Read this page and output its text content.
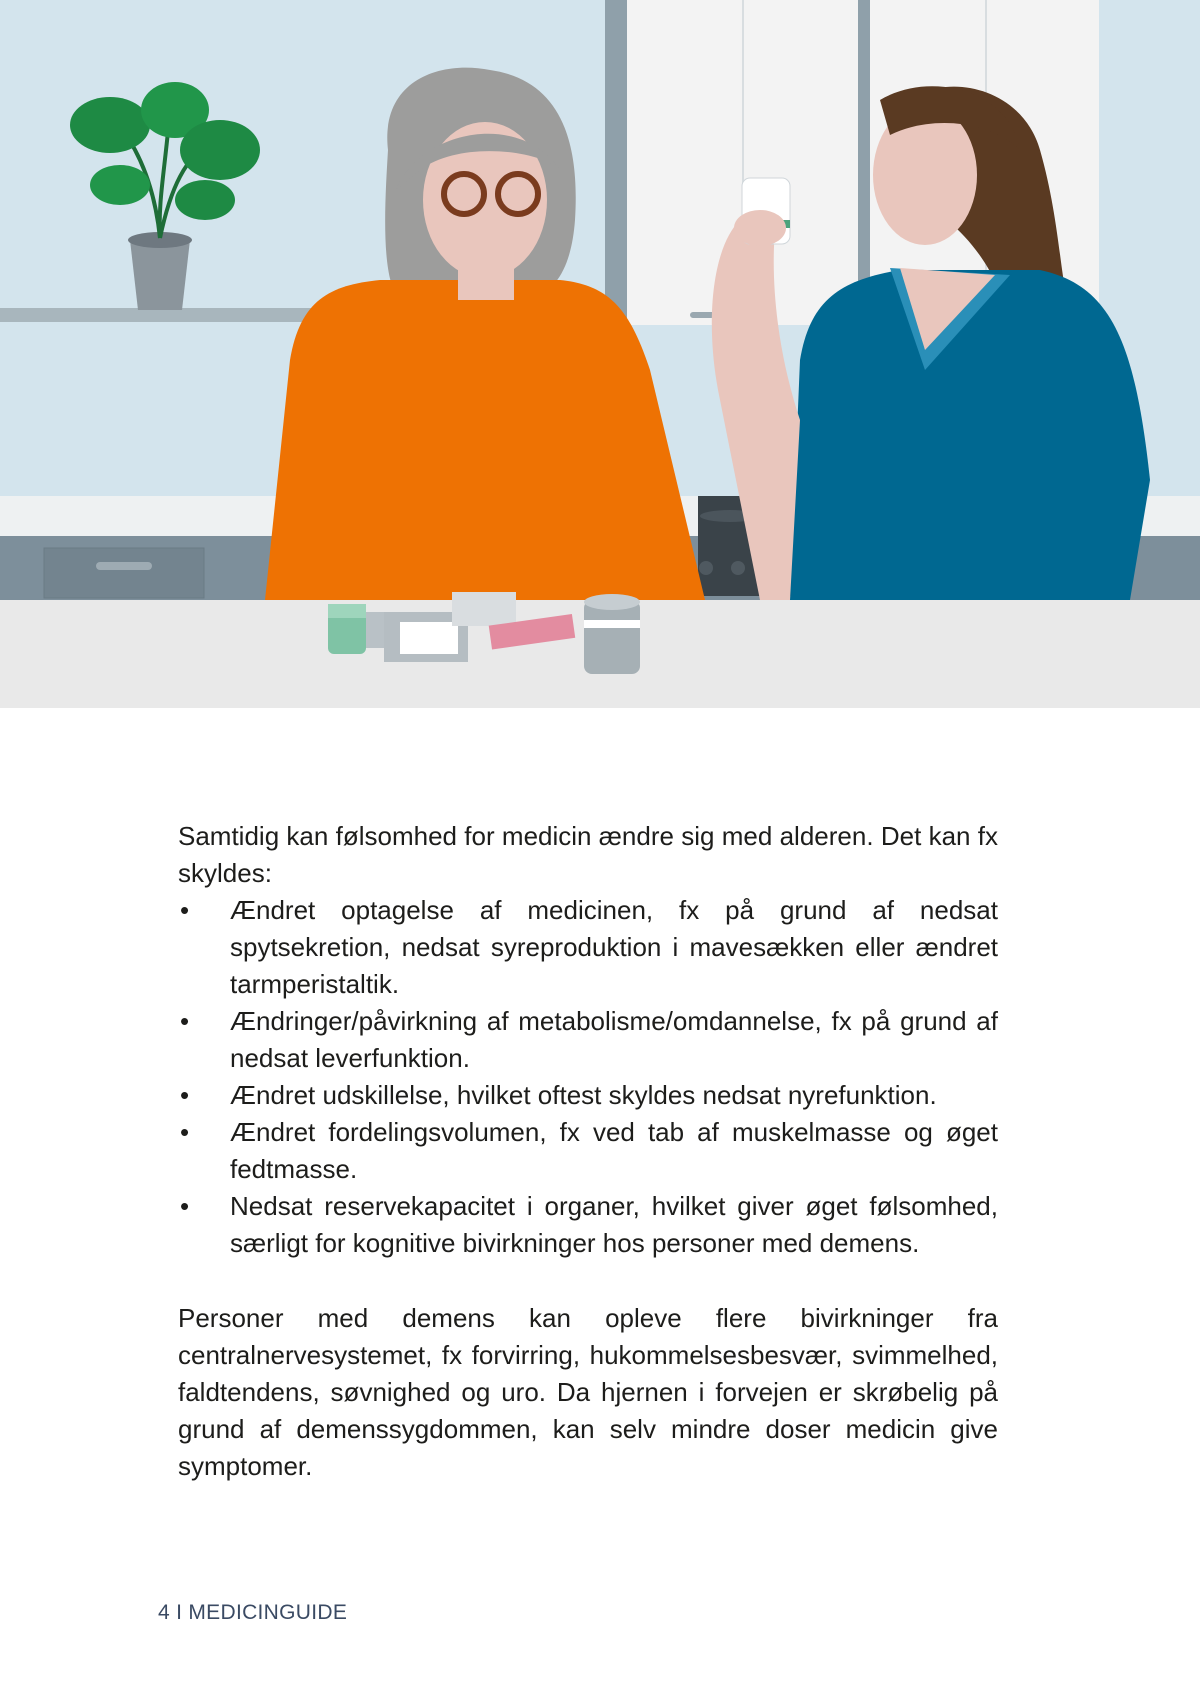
Samtidig kan følsomhed for medicin ændre sig med alderen. Det kan fx skyldes:

• Ændret optagelse af medicinen, fx på grund af nedsat spytsekretion, nedsat syreproduktion i mavesækken eller ændret tarmperistaltik.
• Ændringer/påvirkning af metabolisme/omdannelse, fx på grund af nedsat leverfunktion.
• Ændret udskillelse, hvilket oftest skyldes nedsat nyrefunktion.
• Ændret fordelingsvolumen, fx ved tab af muskelmasse og øget fedtmasse.
• Nedsat reservekapacitet i organer, hvilket giver øget følsomhed, særligt for kognitive bivirkninger hos personer med demens.

Personer med demens kan opleve flere bivirkninger fra centralnervesystemet, fx forvirring, hukommelsesbesvær, svimmelhed, faldtendens, søvnighed og uro. Da hjernen i forvejen er skrøbelig på grund af demenssygdommen, kan selv mindre doser medicin give symptomer.

4 I MEDICINGUIDE
